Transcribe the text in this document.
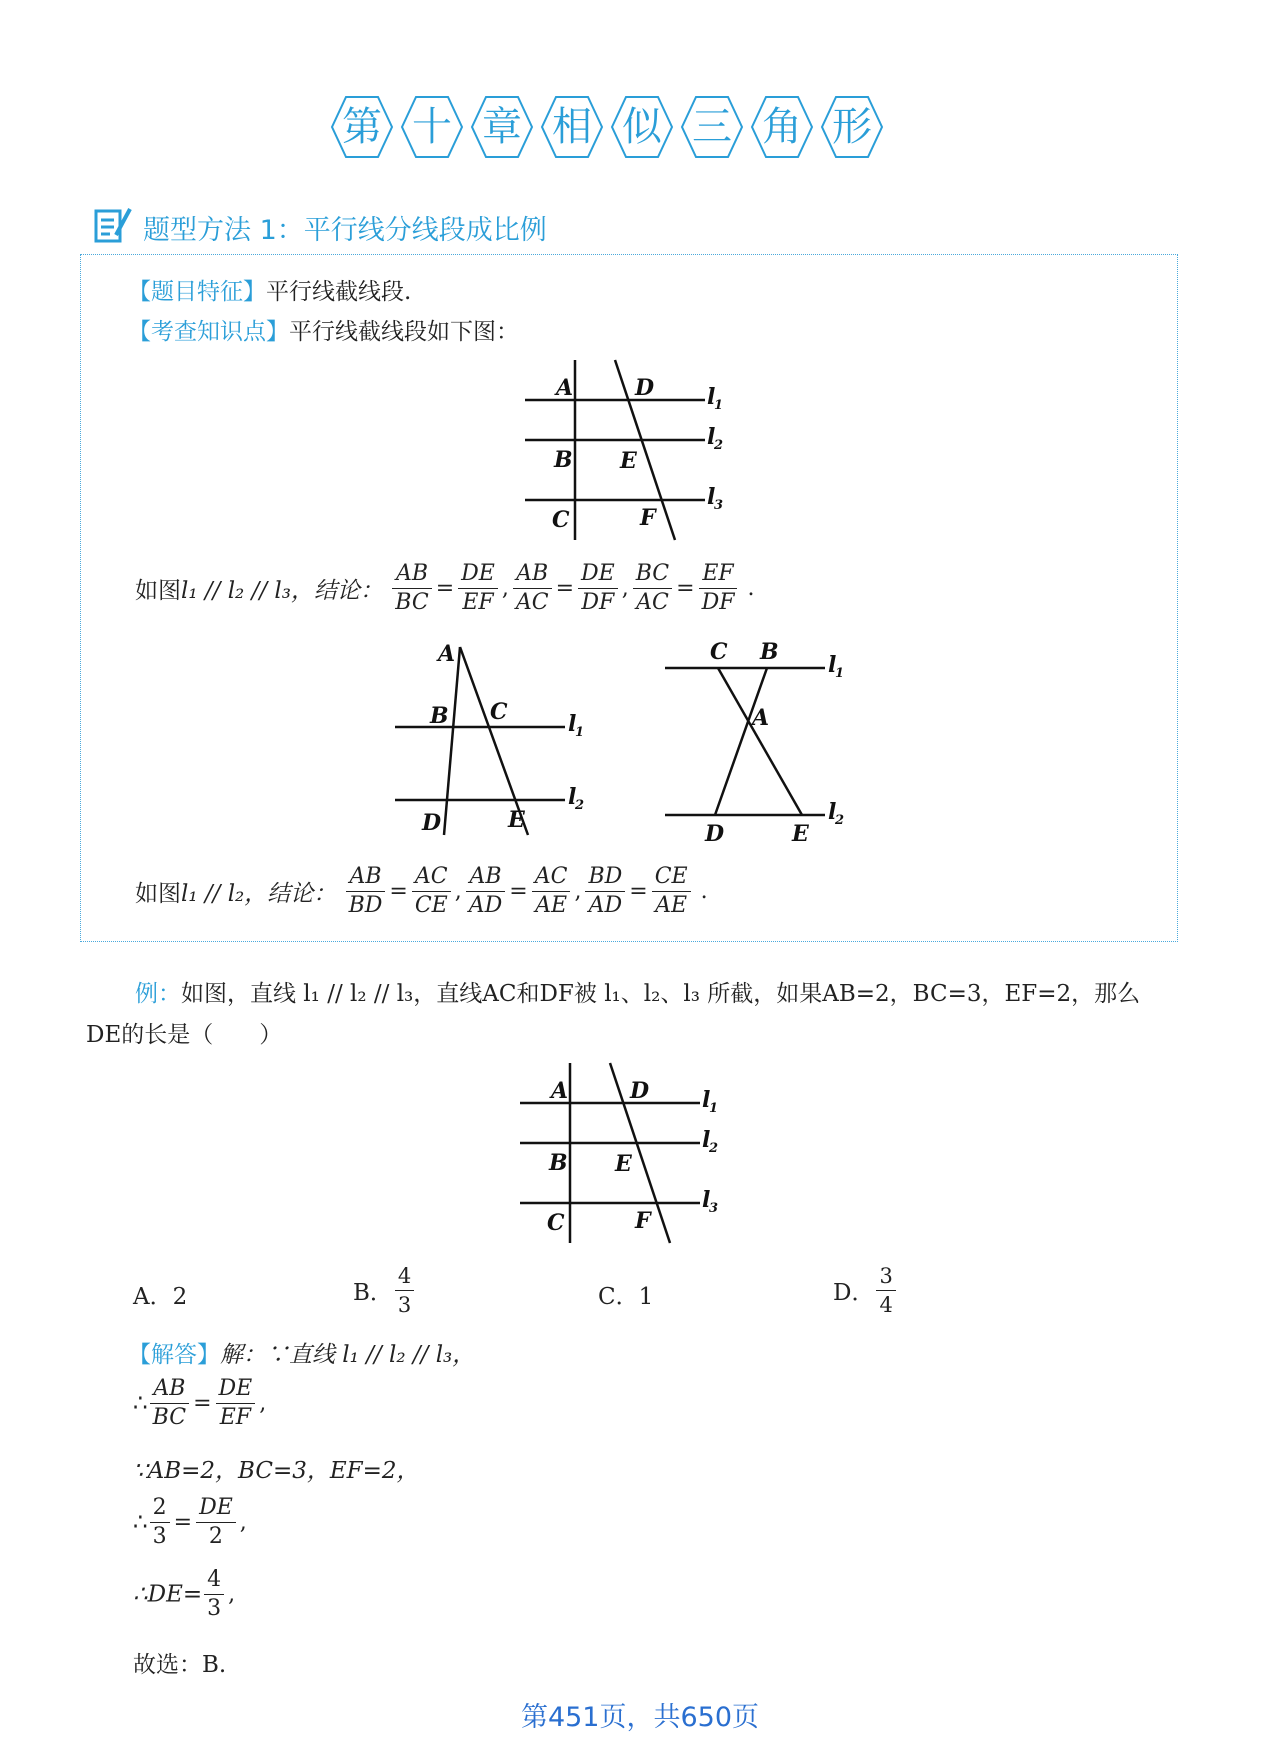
第 十 章 相 似 三 角 形
题型方法 1：平行线分线段成比例
【题目特征】平行线截线段.
【考查知识点】平行线截线段如下图：
A	D
B E
C	F
l
1
l
2
l
3
如图l₁ // l₂ // l₃，结论： $\frac{AB}{BC} = \frac{DE}{EF}$ , $\frac{AB}{AC} = \frac{DE}{DF}$ , $\frac{BC}{AC} = \frac{EF}{DF}$ .
A
B C
D	E
l
1
l
2
C B
A
D	E
l
1
l
2
如图l₁ // l₂，结论： $\frac{AB}{BD} = \frac{AC}{CE}$ , $\frac{AB}{AD} = \frac{AC}{AE}$ , $\frac{BD}{AD} = \frac{CE}{AE}$ .
例：如图，直线 l₁ // l₂ // l₃，直线AC和DF被 l₁、l₂、l₃ 所截，如果AB=2，BC=3，EF=2，那么
DE的长是（　　）
A	D
B E
C	F
l
1
l
2
l
3
A．2	B． $\frac{4}{3}$	C．1	D． $\frac{3}{4}$
【解答】解：∵直线 l₁ // l₂ // l₃，
∴ $\frac{AB}{BC} = \frac{DE}{EF}$ ,
∵AB=2，BC=3，EF=2，
∴ $\frac{2}{3} = \frac{DE}{2}$ ,
∴DE= $\frac{4}{3}$ ,
故选：B.
第451页，共650页
